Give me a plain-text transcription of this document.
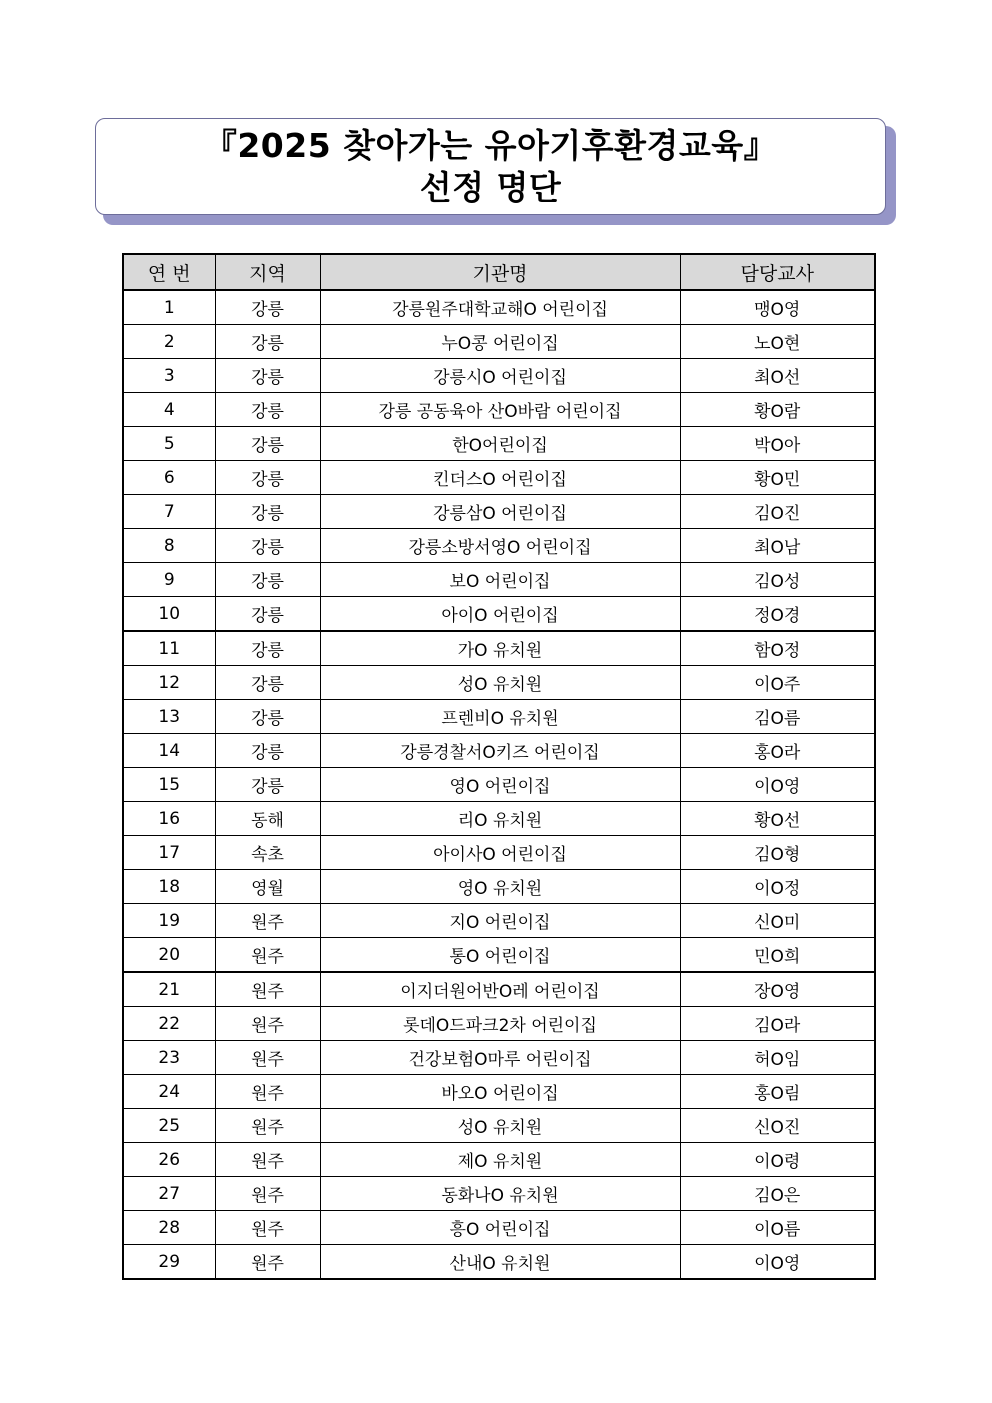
『2025 찾아가는 유아기후환경교육』
선정 명단
연 번	지역	기관명	담당교사
1	강릉	강릉원주대학교해O 어린이집	맹O영
2	강릉	누O콩 어린이집	노O현
3	강릉	강릉시O 어린이집	최O선
4	강릉	강릉 공동육아 산O바람 어린이집	황O람
5	강릉	한O어린이집	박O아
6	강릉	킨더스O 어린이집	황O민
7	강릉	강릉삼O 어린이집	김O진
8	강릉	강릉소방서영O 어린이집	최O남
9	강릉	보O 어린이집	김O성
10	강릉	아이O 어린이집	정O경
11	강릉	가O 유치원	함O정
12	강릉	성O 유치원	이O주
13	강릉	프렌비O 유치원	김O름
14	강릉	강릉경찰서O키즈 어린이집	홍O라
15	강릉	영O 어린이집	이O영
16	동해	리O 유치원	황O선
17	속초	아이사O 어린이집	김O형
18	영월	영O 유치원	이O정
19	원주	지O 어린이집	신O미
20	원주	통O 어린이집	민O희
21	원주	이지더원어반O레 어린이집	장O영
22	원주	롯데O드파크2차 어린이집	김O라
23	원주	건강보험O마루 어린이집	허O임
24	원주	바오O 어린이집	홍O림
25	원주	성O 유치원	신O진
26	원주	제O 유치원	이O령
27	원주	동화나O 유치원	김O은
28	원주	흥O 어린이집	이O름
29	원주	산내O 유치원	이O영
